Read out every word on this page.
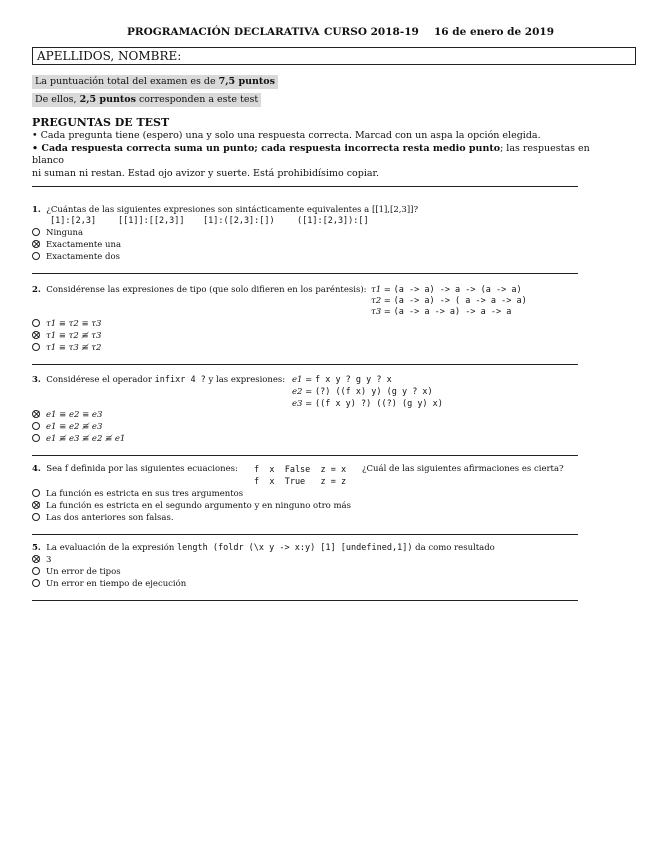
PROGRAMACIÓN DECLARATIVA CURSO 2018-19 16 de enero de 2019
APELLIDOS, NOMBRE:
La puntuación total del examen es de 7,5 puntos
De ellos, 2,5 puntos corresponden a este test
PREGUNTAS DE TEST
• Cada pregunta tiene (espero) una y solo una respuesta correcta. Marcad con un aspa la opción elegida.
• Cada respuesta correcta suma un punto; cada respuesta incorrecta resta medio punto; las respuestas en blanco
ni suman ni restan. Estad ojo avizor y suerte. Está prohibidísimo copiar.
1. ¿Cuántas de las siguientes expresiones son sintácticamente equivalentes a [[1],[2,3]]?
[1]:[2,3]	[[1]]:[[2,3]] [1]:([2,3]:[])	([1]:[2,3]):[]
Ninguna
Exactamente una
Exactamente dos
2. Considérense las expresiones de tipo (que solo difieren en los paréntesis): τ1 = (a -> a) -> a -> (a -> a)
τ2 = (a -> a) -> ( a -> a -> a)
τ3 = (a -> a -> a) -> a -> a
τ1 ≡ τ2 ≡ τ3
τ1 ≡ τ2 ≢ τ3
τ1 ≡ τ3 ≢ τ2
3. Considérese el operador infixr 4 ? y las expresiones: e1 = f x y ? g y ? x
e2 = (?) ((f x) y) (g y ? x)
e3 = ((f x y) ?) ((?) (g y) x)
e1 ≡ e2 ≡ e3
e1 ≡ e2 ≢ e3
e1 ≢ e3 ≢ e2 ≢ e1
4. Sea f definida por las siguientes ecuaciones: f  x  False  z = x
f  x  True   z = z
¿Cuál de las siguientes afirmaciones es cierta?
La función es estricta en sus tres argumentos
La función es estricta en el segundo argumento y en ninguno otro más
Las dos anteriores son falsas.
5. La evaluación de la expresión length (foldr (\x y -> x:y) [1] [undefined,1]) da como resultado
3
Un error de tipos
Un error en tiempo de ejecución
